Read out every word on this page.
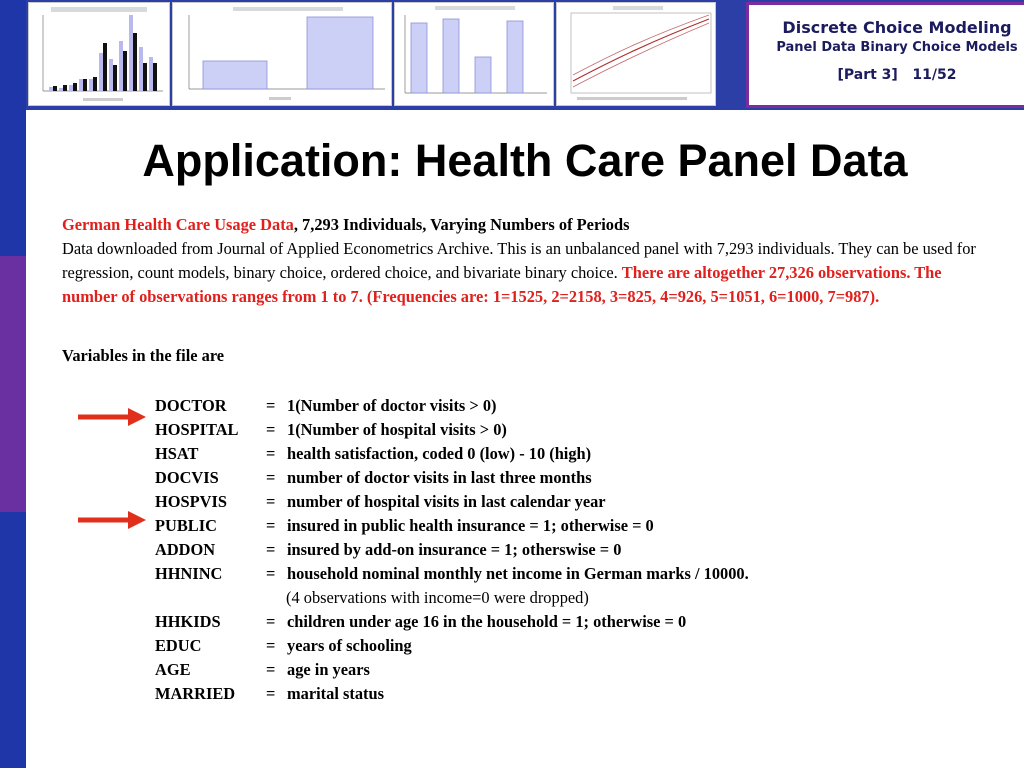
Discrete Choice Modeling
Panel Data Binary Choice Models
[Part 3]   11/52
Application: Health Care Panel Data
German Health Care Usage Data, 7,293 Individuals, Varying Numbers of Periods
Data downloaded from Journal of Applied Econometrics Archive. This is an unbalanced panel with 7,293 individuals. They can be used for regression, count models, binary choice, ordered choice, and bivariate binary choice. There are altogether 27,326 observations. The number of observations ranges from 1 to 7. (Frequencies are: 1=1525, 2=2158, 3=825, 4=926, 5=1051, 6=1000, 7=987).
Variables in the file are
DOCTOR = 1(Number of doctor visits > 0)
HOSPITAL = 1(Number of hospital visits > 0)
HSAT	= health satisfaction, coded 0 (low) - 10 (high)
DOCVIS	= number of doctor visits in last three months
HOSPVIS = number of hospital visits in last calendar year
PUBLIC	= insured in public health insurance = 1; otherwise = 0
ADDON	= insured by add-on insurance = 1; otherswise = 0
HHNINC	= household nominal monthly net income in German marks / 10000.
(4 observations with income=0 were dropped)
HHKIDS	= children under age 16 in the household = 1; otherwise = 0
EDUC	= years of schooling
AGE	= age in years
MARRIED = marital status
